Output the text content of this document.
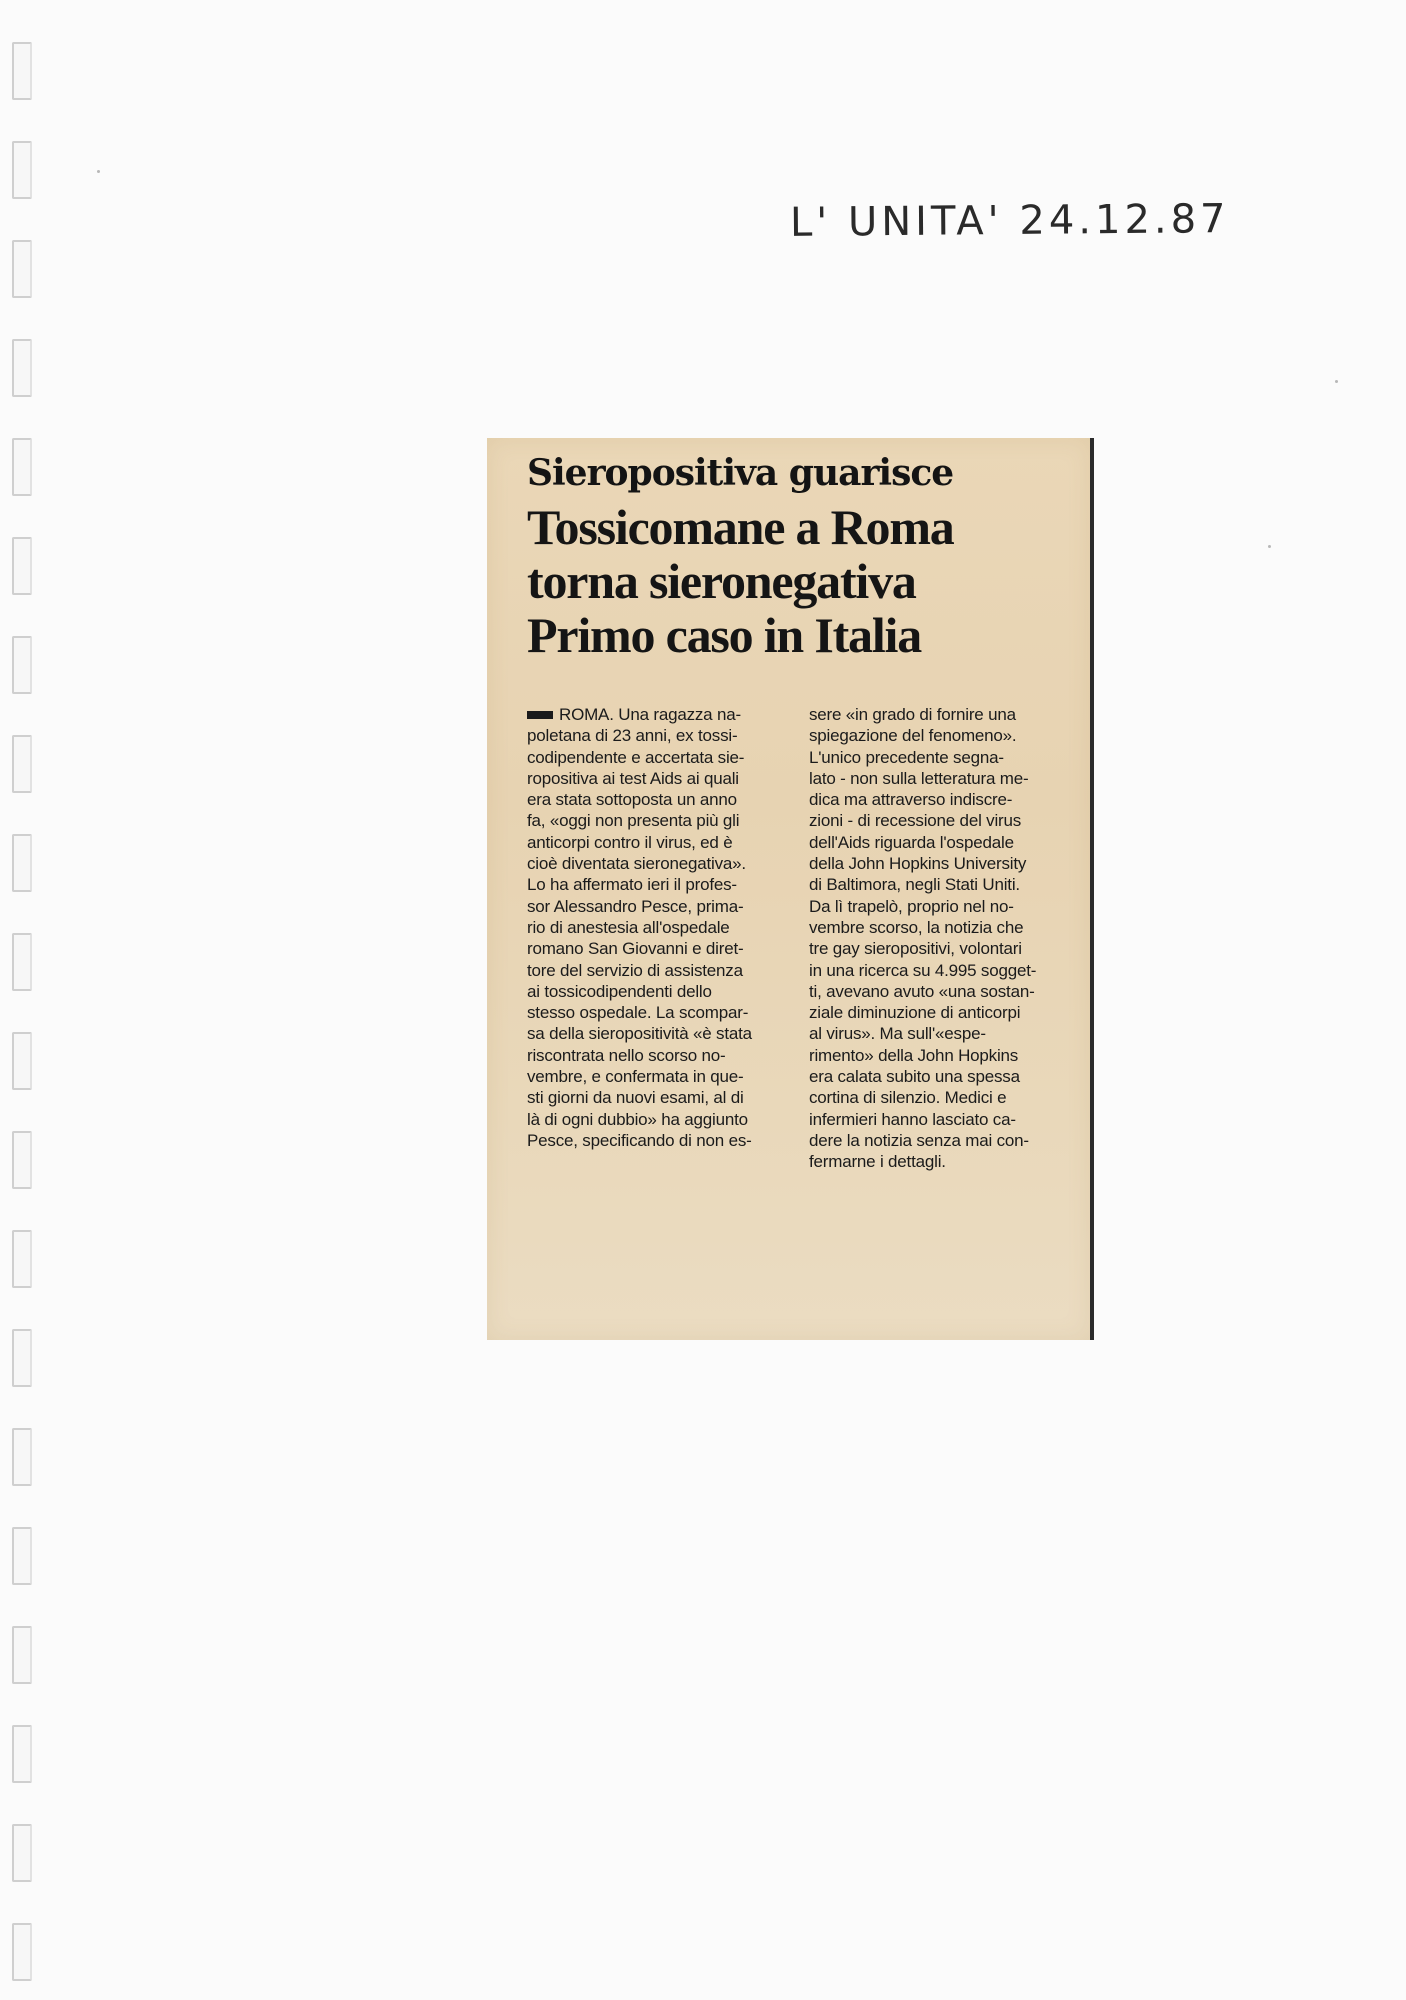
L' UNITA' 24.12.87
Sieropositiva guarisce
Tossicomane a Roma
torna sieronegativa
Primo caso in Italia
ROMA. Una ragazza na-

poletana di 23 anni, ex tossi-
codipendente e accertata sie-
ropositiva ai test Aids ai quali
era stata sottoposta un anno
fa, «oggi non presenta più gli
anticorpi contro il virus, ed è
cioè diventata sieronegativa».
Lo ha affermato ieri il profes-
sor Alessandro Pesce, prima-
rio di anestesia all'ospedale
romano San Giovanni e diret-
tore del servizio di assistenza
ai tossicodipendenti dello
stesso ospedale. La scompar-
sa della sieropositività «è stata
riscontrata nello scorso no-
vembre, e confermata in que-
sti giorni da nuovi esami, al di
là di ogni dubbio» ha aggiunto
Pesce, specificando di non es-
sere «in grado di fornire una
spiegazione del fenomeno».
L'unico precedente segna-
lato - non sulla letteratura me-
dica ma attraverso indiscre-
zioni - di recessione del virus
dell'Aids riguarda l'ospedale
della John Hopkins University
di Baltimora, negli Stati Uniti.
Da lì trapelò, proprio nel no-
vembre scorso, la notizia che
tre gay sieropositivi, volontari
in una ricerca su 4.995 sogget-
ti, avevano avuto «una sostan-
ziale diminuzione di anticorpi
al virus». Ma sull'«espe-
rimento» della John Hopkins
era calata subito una spessa
cortina di silenzio. Medici e
infermieri hanno lasciato ca-
dere la notizia senza mai con-
fermarne i dettagli.
